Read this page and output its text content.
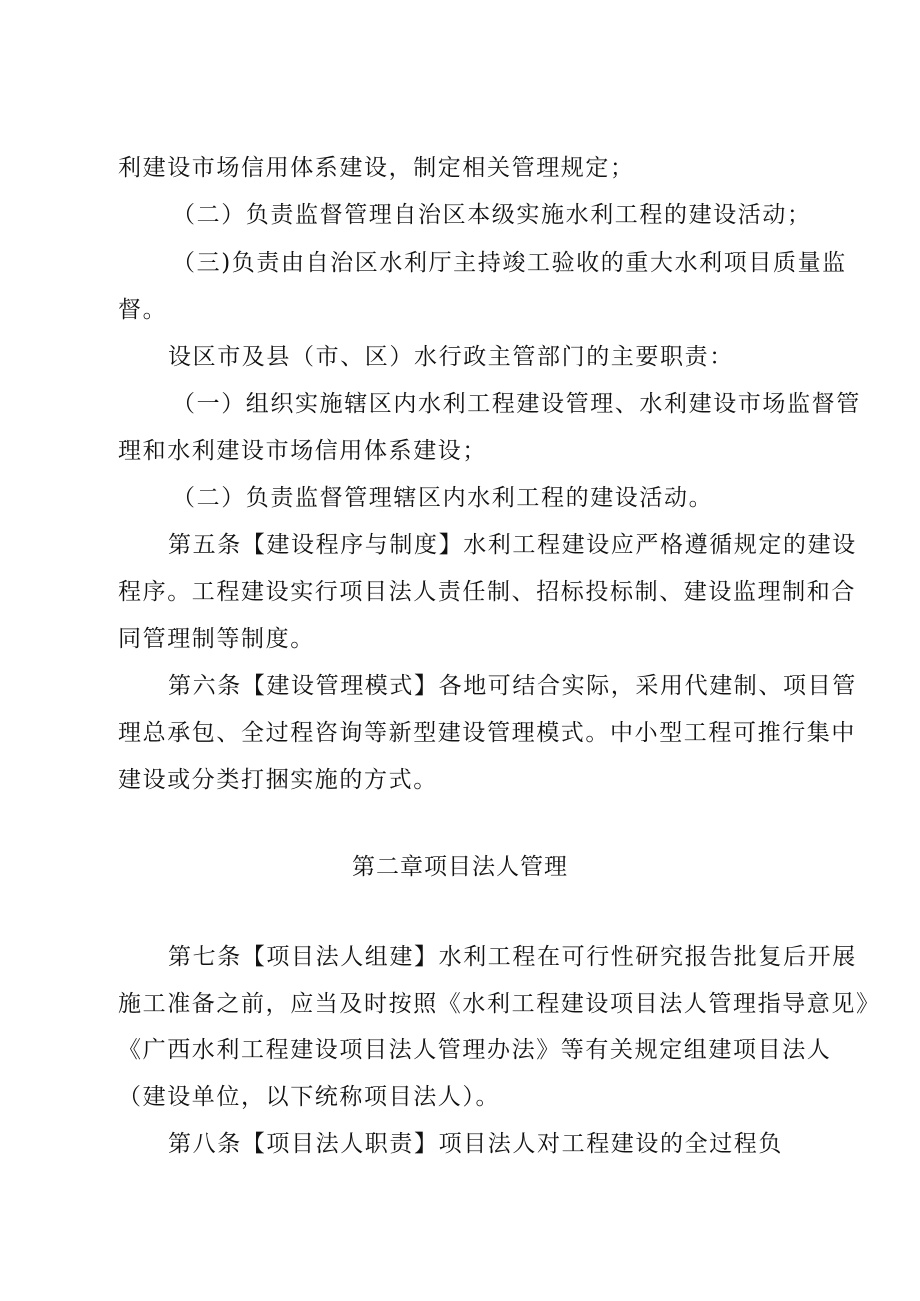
利建设市场信用体系建设，制定相关管理规定；

（二）负责监督管理自治区本级实施水利工程的建设活动；

（三)负责由自治区水利厅主持竣工验收的重大水利项目质量监

督。

设区市及县（市、区）水行政主管部门的主要职责：

（一）组织实施辖区内水利工程建设管理、水利建设市场监督管

理和水利建设市场信用体系建设；

（二）负责监督管理辖区内水利工程的建设活动。

第五条【建设程序与制度】水利工程建设应严格遵循规定的建设

程序。工程建设实行项目法人责任制、招标投标制、建设监理制和合

同管理制等制度。

第六条【建设管理模式】各地可结合实际，采用代建制、项目管

理总承包、全过程咨询等新型建设管理模式。中小型工程可推行集中

建设或分类打捆实施的方式。

第二章项目法人管理

第七条【项目法人组建】水利工程在可行性研究报告批复后开展

施工准备之前，应当及时按照《水利工程建设项目法人管理指导意见》

《广西水利工程建设项目法人管理办法》等有关规定组建项目法人

（建设单位，以下统称项目法人）。

第八条【项目法人职责】项目法人对工程建设的全过程负
